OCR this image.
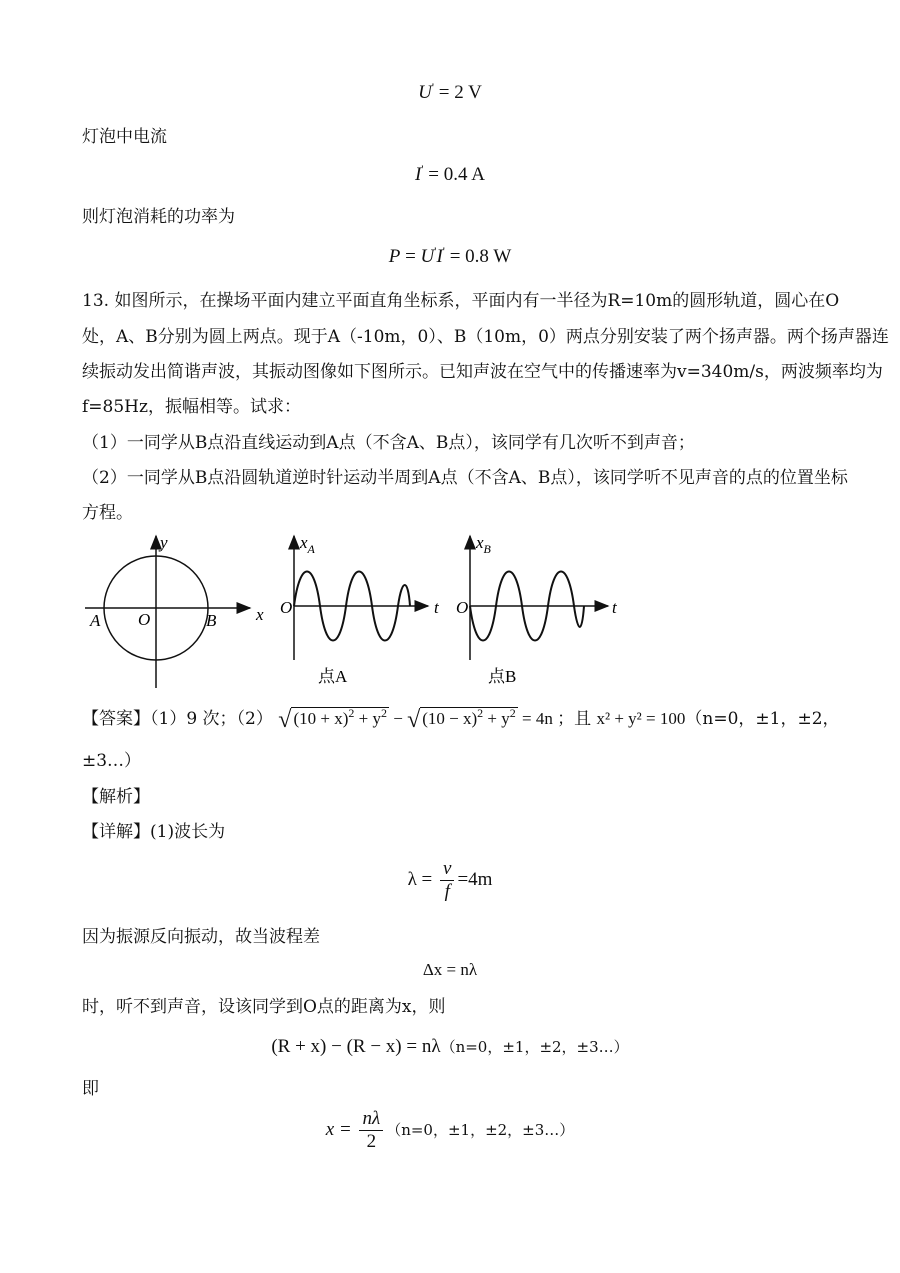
U' = 2 V
灯泡中电流
I' = 0.4 A
则灯泡消耗的功率为
P = U'I' = 0.8 W
13. 如图所示，在操场平面内建立平面直角坐标系，平面内有一半径为R=10m的圆形轨道，圆心在O
处，A、B分别为圆上两点。现于A（-10m，0）、B（10m，0）两点分别安装了两个扬声器。两个扬声器连
续振动发出简谐声波，其振动图像如下图所示。已知声波在空气中的传播速率为v=340m/s，两波频率均为
f=85Hz，振幅相等。试求：
（1）一同学从B点沿直线运动到A点（不含A、B点），该同学有几次听不到声音；
（2）一同学从B点沿圆轨道逆时针运动半周到A点（不含A、B点），该同学听不见声音的点的位置坐标
方程。
x
y
O
A	B
$x_A$
O	t
点A
$x_B$
O	t
点B
【答案】（1）9 次；（2） √ $(10 + x)^2 + y^2$ − √ $(10 - x)^2 + y^2 = 4n$ ；且 x² + y² = 100（n=0，±1，±2，
±3…）
【解析】
【详解】(1)波长为
$\lambda = \frac{v}{f} =4m$
因为振源反向振动，故当波程差
Δx = nλ
时，听不到声音，设该同学到O点的距离为x，则
(R + x) − (R − x) = nλ（n=0，±1，±2，±3…）
即
$x = \frac{n\lambda}{2} (n=0$，±1，±2，±3…）
